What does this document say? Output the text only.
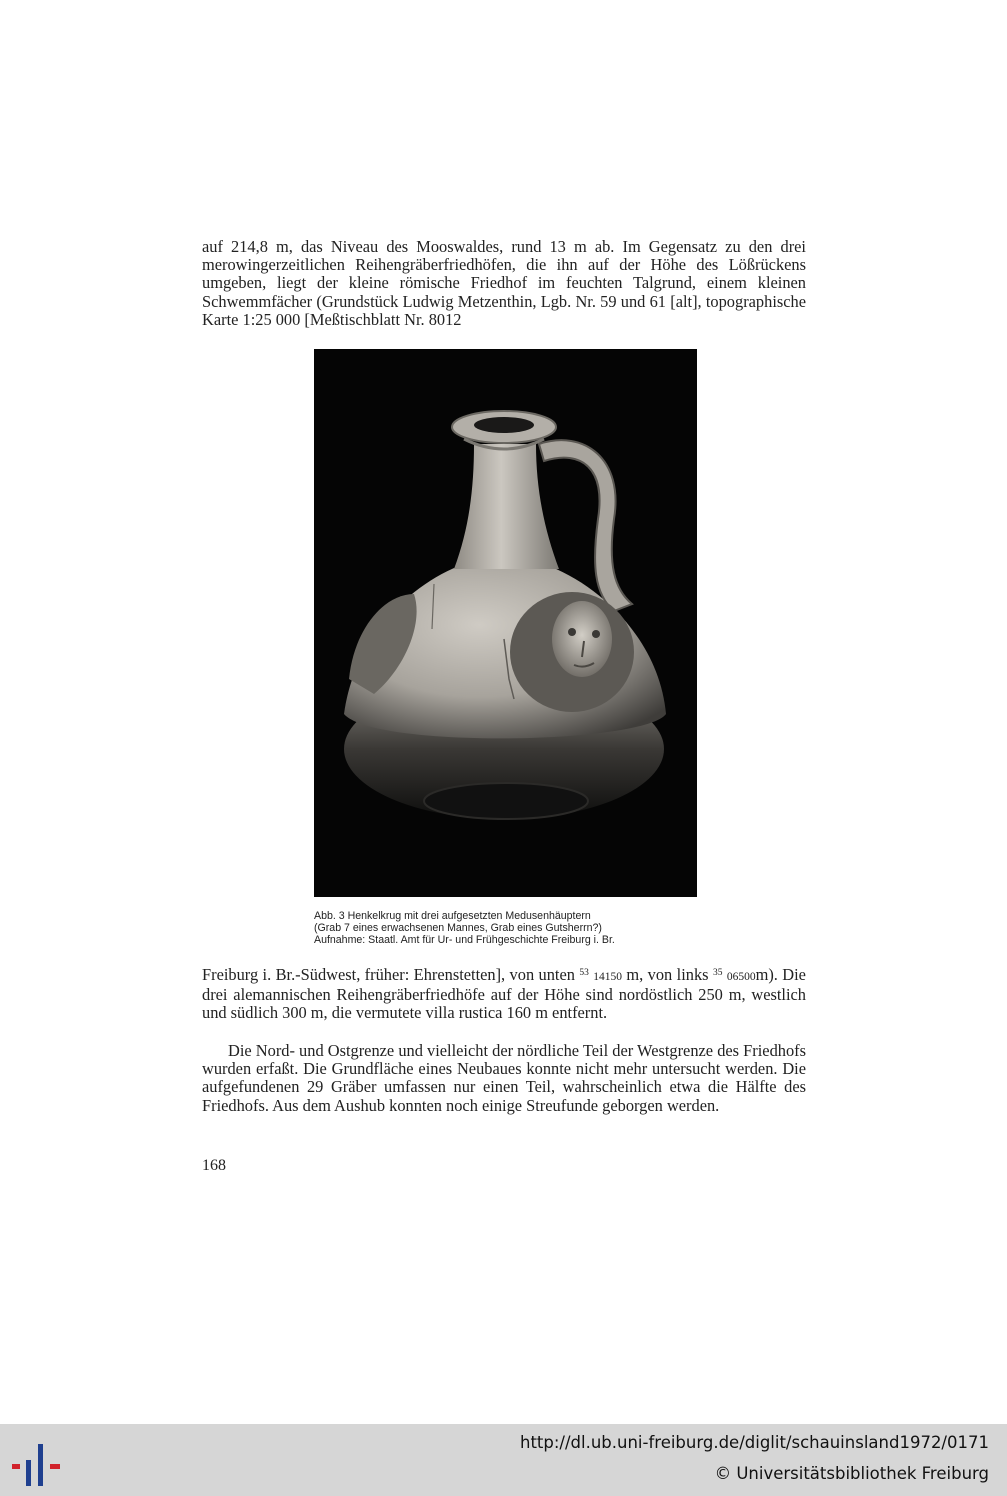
auf 214,8 m, das Niveau des Mooswaldes, rund 13 m ab. Im Gegensatz zu den drei merowingerzeitlichen Reihengräberfriedhöfen, die ihn auf der Höhe des Lößrückens umgeben, liegt der kleine römische Friedhof im feuchten Talgrund, einem kleinen Schwemmfächer (Grundstück Ludwig Metzenthin, Lgb. Nr. 59 und 61 [alt], topographische Karte 1:25 000 [Meßtischblatt Nr. 8012

Abb. 3 Henkelkrug mit drei aufgesetzten Medusenhäuptern
(Grab 7 eines erwachsenen Mannes, Grab eines Gutsherrn?)
Aufnahme: Staatl. Amt für Ur- und Frühgeschichte Freiburg i. Br.

Freiburg i. Br.-Südwest, früher: Ehrenstetten], von unten $^{53}$ 14150 m, von links $^{35}$ 06500m). Die drei alemannischen Reihengräberfriedhöfe auf der Höhe sind nordöstlich 250 m, westlich und südlich 300 m, die vermutete villa rustica 160 m entfernt.

Die Nord- und Ostgrenze und vielleicht der nördliche Teil der Westgrenze des Friedhofs wurden erfaßt. Die Grundfläche eines Neubaues konnte nicht mehr untersucht werden. Die aufgefundenen 29 Gräber umfassen nur einen Teil, wahrscheinlich etwa die Hälfte des Friedhofs. Aus dem Aushub konnten noch einige Streufunde geborgen werden.

168
http://dl.ub.uni-freiburg.de/diglit/schauinsland1972/0171
© Universitätsbibliothek Freiburg
